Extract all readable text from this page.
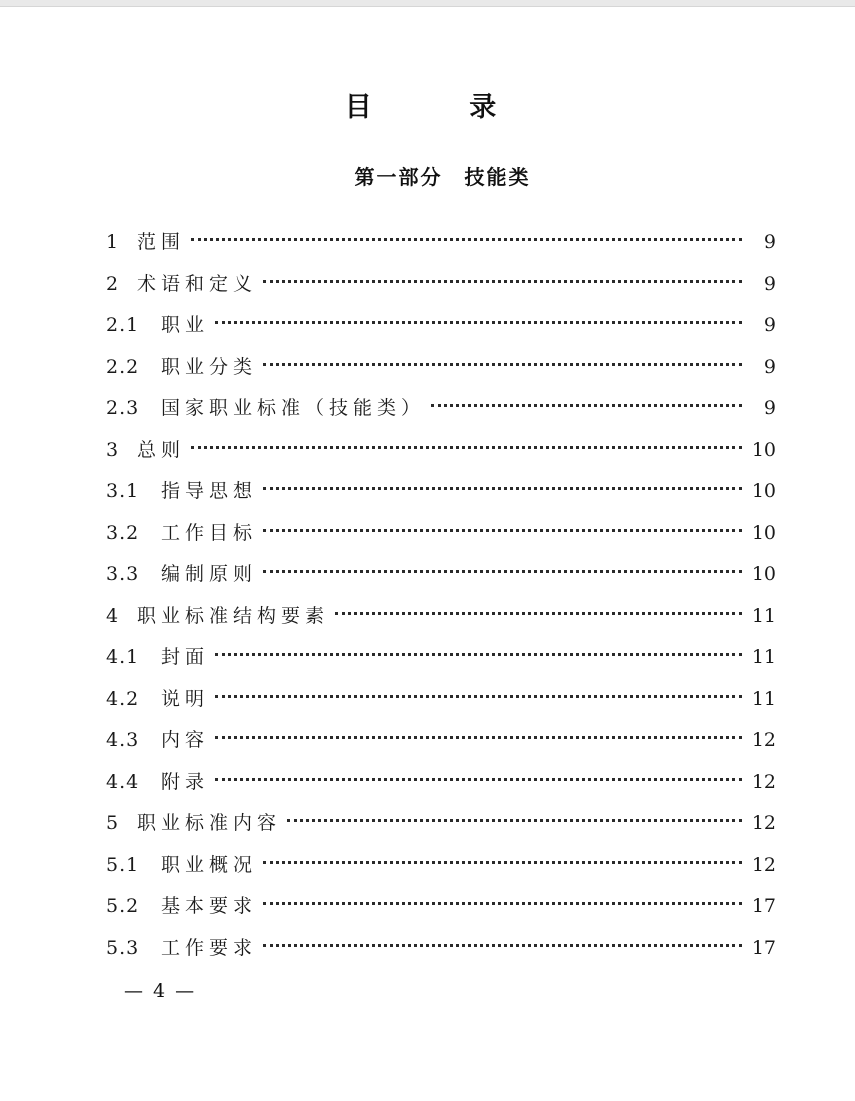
目 录
第一部分　技能类
1 范围	9
2 术语和定义	9
2.1	职业	9
2.2	职业分类	9
2.3	国家职业标准（技能类）	9
3 总则	10
3.1	指导思想	10
3.2	工作目标	10
3.3	编制原则	10
4 职业标准结构要素	11
4.1	封面	11
4.2	说明	11
4.3	内容	12
4.4	附录	12
5 职业标准内容	12
5.1	职业概况	12
5.2	基本要求	17
5.3	工作要求	17
— 4 —
